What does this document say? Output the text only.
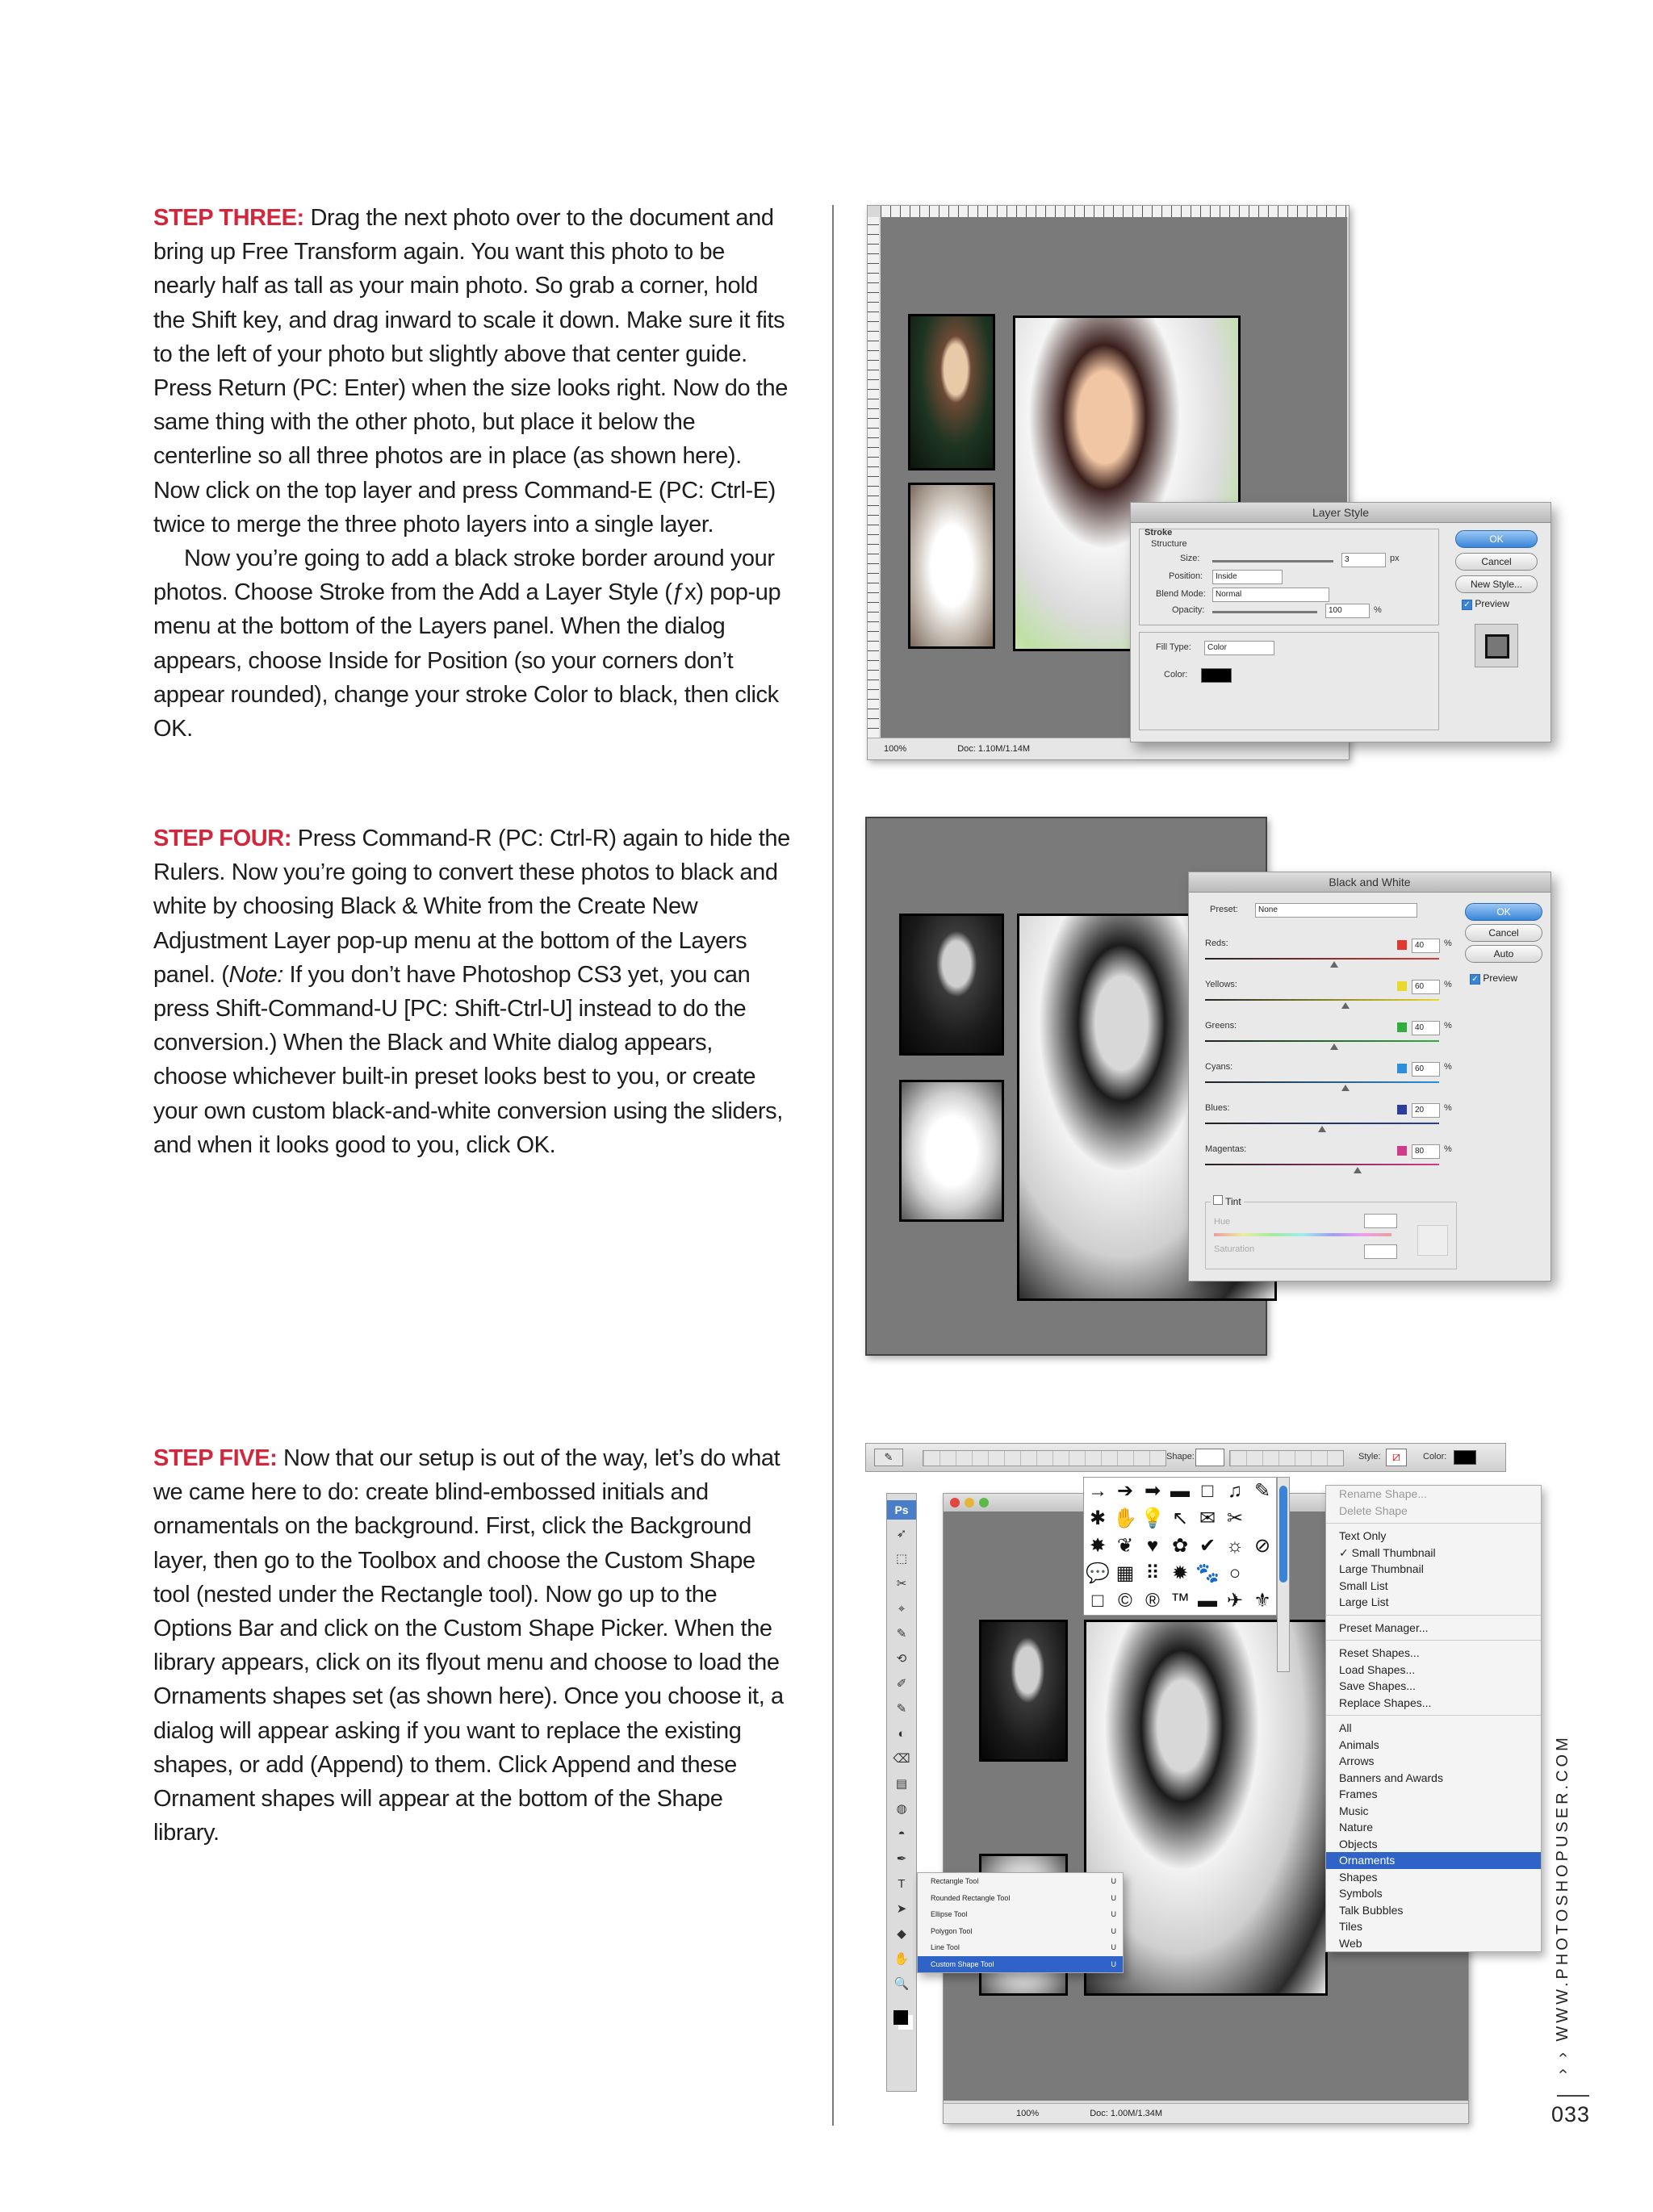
STEP THREE: Drag the next photo over to the document and bring up Free Transform again. You want this photo to be nearly half as tall as your main photo. So grab a corner, hold the Shift key, and drag inward to scale it down. Make sure it fits to the left of your photo but slightly above that center guide. Press Return (PC: Enter) when the size looks right. Now do the same thing with the other photo, but place it below the centerline so all three photos are in place (as shown here). Now click on the top layer and press Command-E (PC: Ctrl-E) twice to merge the three photo layers into a single layer.

Now you’re going to add a black stroke border around your photos. Choose Stroke from the Add a Layer Style (ƒx) pop-up menu at the bottom of the Layers panel. When the dialog appears, choose Inside for Position (so your corners don’t appear rounded), change your stroke Color to black, then click OK.

STEP FOUR: Press Command-R (PC: Ctrl-R) again to hide the Rulers. Now you’re going to convert these photos to black and white by choosing Black & White from the Create New Adjustment Layer pop-up menu at the bottom of the Layers panel. (Note: If you don’t have Photoshop CS3 yet, you can press Shift-Command-U [PC: Shift-Ctrl-U] instead to do the conversion.) When the Black and White dialog appears, choose whichever built-in preset looks best to you, or create your own custom black-and-white conversion using the sliders, and when it looks good to you, click OK.

STEP FIVE: Now that our setup is out of the way, let’s do what we came here to do: create blind-embossed initials and ornamentals on the background. First, click the Background layer, then go to the Toolbox and choose the Custom Shape tool (nested under the Rectangle tool). Now go up to the Options Bar and click on the Custom Shape Picker. When the library appears, click on its flyout menu and choose to load the Ornaments shapes set (as shown here). Once you choose it, a dialog will appear asking if you want to replace the existing shapes, or add (Append) to them. Click Append and these Ornament shapes will appear at the bottom of the Shape library.

100%	Doc: 1.10M/1.14M
Layer Style
Stroke
Structure
Size:	3	px
Position:	Inside
Blend Mode:	Normal
Opacity:	100	%
Fill Type:	Color
Color:
OK
Cancel
New Style...
✓ Preview
Black and White
Preset:	None	OK
Cancel
Auto
✓ Preview
Reds:	40	%
Yellows:	60	%
Greens:	40	%
Cyans:	60	%
Blues:	20	%
Magentas:	80	%
Tint
Hue
Saturation
✎	Shape:	Style: ⧄	Color:
Ps
➶
⬚
✂
⌖
✎
⟲
✐
✎
◐
⌫
▤
◍
◓
✒
T
➤
◆
✋
🔍
100%	Doc: 1.00M/1.34M
→ ➔ ➡ ▬ □ ♫ ✎
✱ ✋ 💡 ↖ ✉ ✂
✸ ❦ ♥ ✿ ✔ ☼ ⊘
💬 ▦ ⠿ ✹ 🐾 ○
□ © ® ™ ▬ ✈ ⚜
Rename Shape...
Delete Shape
Text Only
✓ Small Thumbnail
Large Thumbnail
Small List
Large List
Preset Manager...
Reset Shapes...
Load Shapes...
Save Shapes...
Replace Shapes...
All
Animals
Arrows
Banners and Awards
Frames
Music
Nature
Objects
Ornaments
Shapes
Symbols
Talk Bubbles
Tiles
Web
Rectangle Tool	U
Rounded Rectangle Tool	U
Ellipse Tool	U
Polygon Tool	U
Line Tool	U
Custom Shape Tool	U	› › WWW.PHOTOSHOPUSER.COM
033
